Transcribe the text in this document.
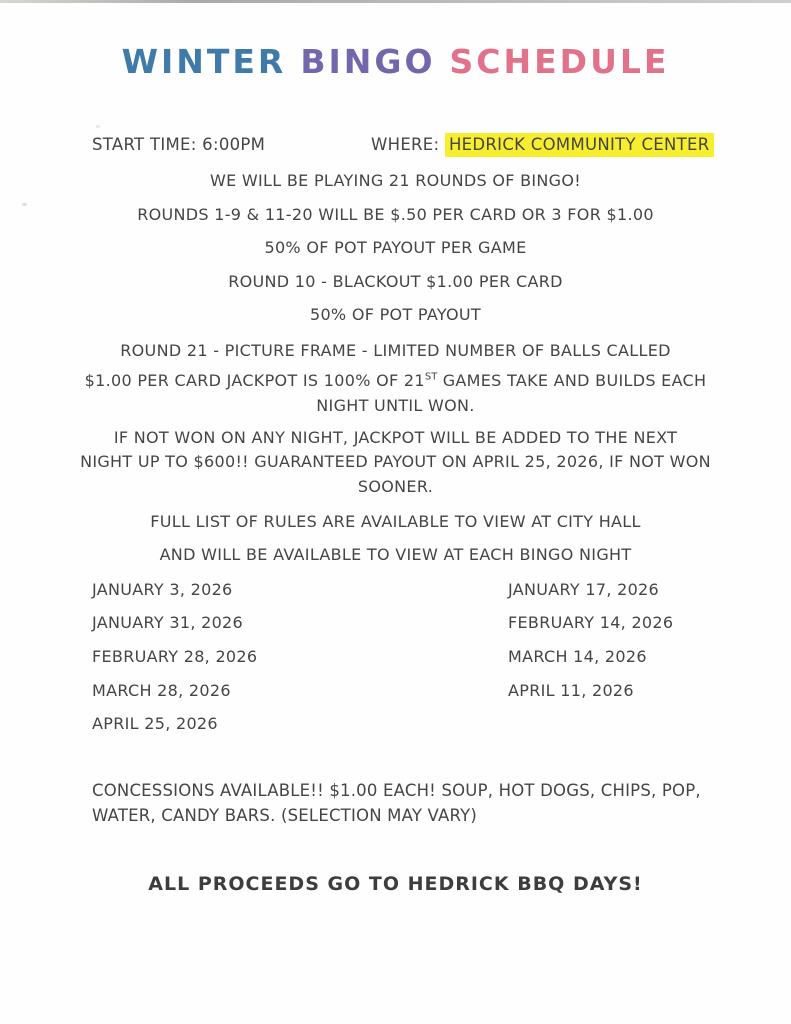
WINTER BINGO SCHEDULE
START TIME: 6:00PM	WHERE: HEDRICK COMMUNITY CENTER
WE WILL BE PLAYING 21 ROUNDS OF BINGO!
ROUNDS 1-9 & 11-20 WILL BE $.50 PER CARD OR 3 FOR $1.00
50% OF POT PAYOUT PER GAME
ROUND 10 - BLACKOUT $1.00 PER CARD
50% OF POT PAYOUT
ROUND 21 - PICTURE FRAME - LIMITED NUMBER OF BALLS CALLED
$1.00 PER CARD JACKPOT IS 100% OF 21ST GAMES TAKE AND BUILDS EACH
NIGHT UNTIL WON.
IF NOT WON ON ANY NIGHT, JACKPOT WILL BE ADDED TO THE NEXT
NIGHT UP TO $600!! GUARANTEED PAYOUT ON APRIL 25, 2026, IF NOT WON
SOONER.
FULL LIST OF RULES ARE AVAILABLE TO VIEW AT CITY HALL
AND WILL BE AVAILABLE TO VIEW AT EACH BINGO NIGHT
JANUARY 3, 2026
JANUARY 31, 2026
FEBRUARY 28, 2026
MARCH 28, 2026
APRIL 25, 2026
JANUARY 17, 2026
FEBRUARY 14, 2026
MARCH 14, 2026
APRIL 11, 2026
CONCESSIONS AVAILABLE!! $1.00 EACH! SOUP, HOT DOGS, CHIPS, POP,
WATER, CANDY BARS. (SELECTION MAY VARY)
ALL PROCEEDS GO TO HEDRICK BBQ DAYS!
